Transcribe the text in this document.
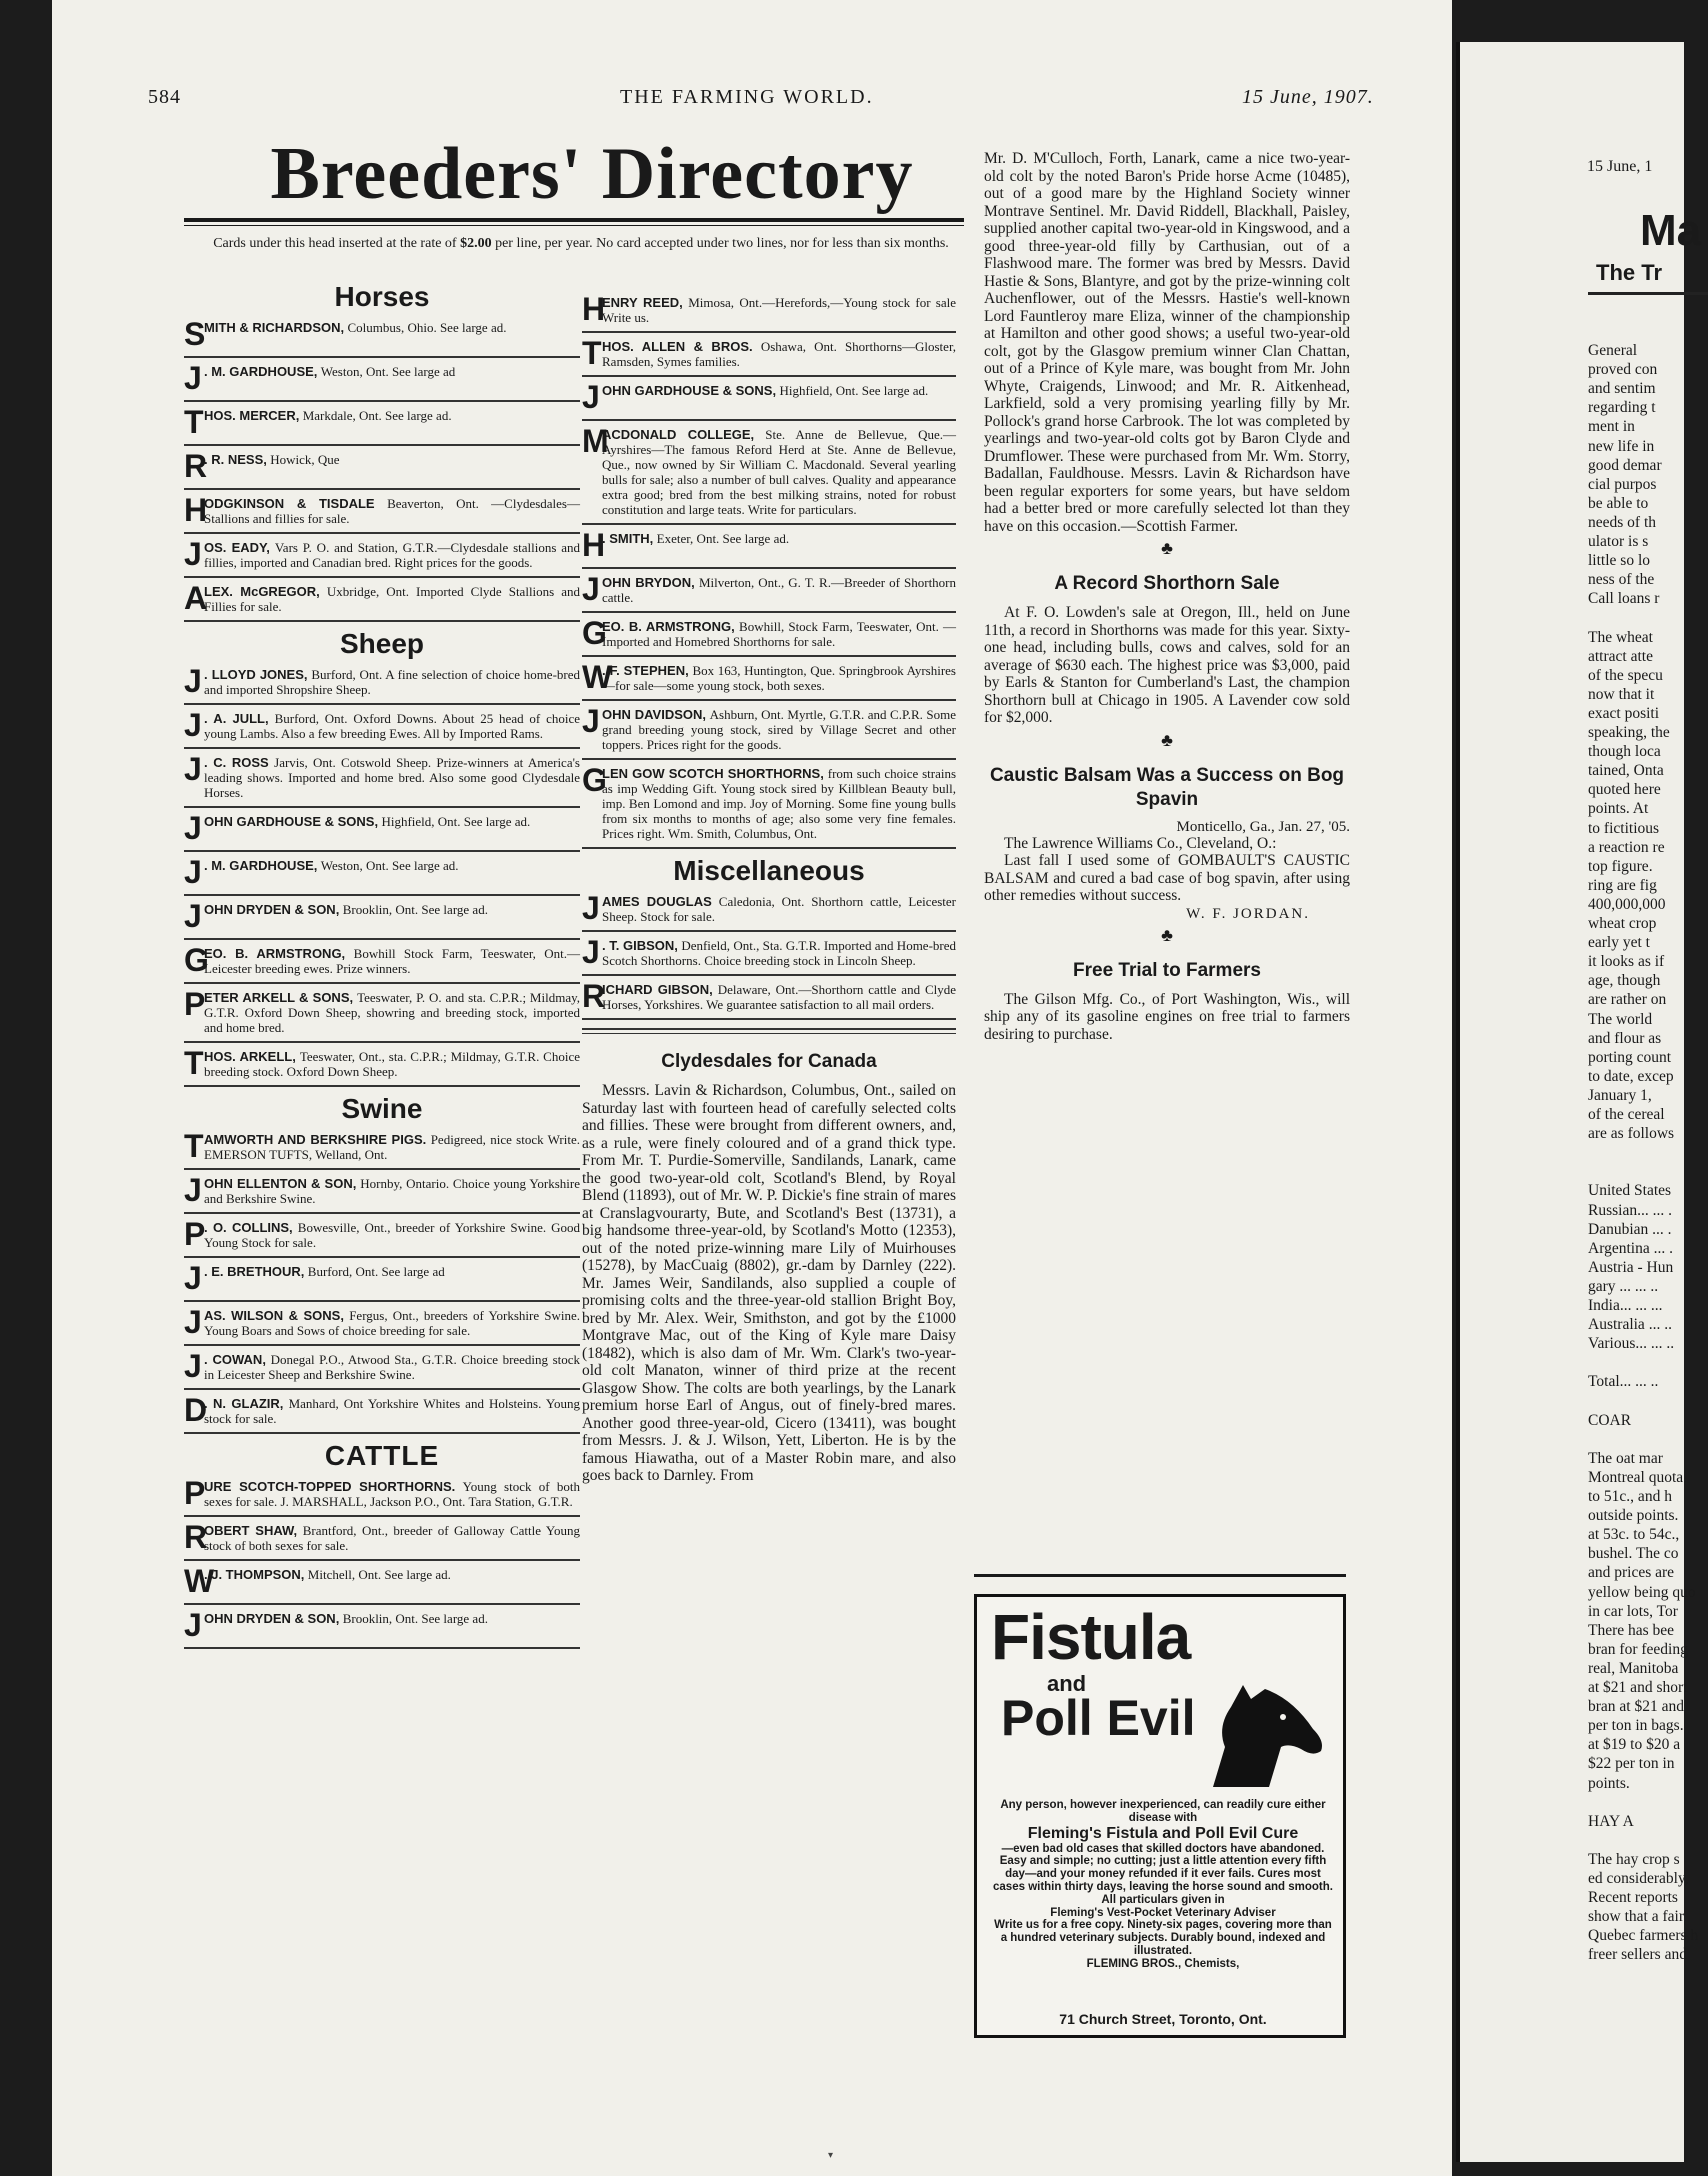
584	THE FARMING WORLD.	15 June, 1907.
Breeders' Directory

Cards under this head inserted at the rate of $2.00 per line, per year. No card accepted under two lines, nor for less than six months.

Horses
S
MITH & RICHARDSON, Columbus, Ohio. See large ad.
J . M. GARDHOUSE, Weston, Ont. See large ad
T HOS. MERCER, Markdale, Ont. See large ad.
R
. R. NESS, Howick, Que
H
ODGKINSON & TISDALE Beaverton, Ont. —Clydesdales—Stallions and fillies for sale.
J OS. EADY, Vars P. O. and Station, G.T.R.—Clydesdale stallions and fillies, imported and Canadian bred. Right prices for the goods.
A
LEX. McGREGOR, Uxbridge, Ont. Imported Clyde Stallions and Fillies for sale.
Sheep
J . LLOYD JONES, Burford, Ont. A fine selection of choice home-bred and imported Shropshire Sheep.
J . A. JULL, Burford, Ont. Oxford Downs. About 25 head of choice young Lambs. Also a few breeding Ewes. All by Imported Rams.
J . C. ROSS Jarvis, Ont. Cotswold Sheep. Prize-winners at America's leading shows. Imported and home bred. Also some good Clydesdale Horses.
J OHN GARDHOUSE & SONS, Highfield, Ont. See large ad.
J . M. GARDHOUSE, Weston, Ont. See large ad.
J OHN DRYDEN & SON, Brooklin, Ont. See large ad.
G
EO. B. ARMSTRONG, Bowhill Stock Farm, Teeswater, Ont.—Leicester breeding ewes. Prize winners.
P
ETER ARKELL & SONS, Teeswater, P. O. and sta. C.P.R.; Mildmay, G.T.R. Oxford Down Sheep, showring and breeding stock, imported and home bred.
T HOS. ARKELL, Teeswater, Ont., sta. C.P.R.; Mildmay, G.T.R. Choice breeding stock. Oxford Down Sheep.
Swine
T AMWORTH AND BERKSHIRE PIGS. Pedigreed, nice stock Write. EMERSON TUFTS, Welland, Ont.
J OHN ELLENTON & SON, Hornby, Ontario. Choice young Yorkshire and Berkshire Swine.
P
. O. COLLINS, Bowesville, Ont., breeder of Yorkshire Swine. Good Young Stock for sale.
J . E. BRETHOUR, Burford, Ont. See large ad
J AS. WILSON & SONS, Fergus, Ont., breeders of Yorkshire Swine. Young Boars and Sows of choice breeding for sale.
J . COWAN, Donegal P.O., Atwood Sta., G.T.R. Choice breeding stock in Leicester Sheep and Berkshire Swine.
D
. N. GLAZIR, Manhard, Ont Yorkshire Whites and Holsteins. Young stock for sale.
CATTLE
P
URE SCOTCH-TOPPED SHORTHORNS. Young stock of both sexes for sale. J. MARSHALL, Jackson P.O., Ont. Tara Station, G.T.R.
R
OBERT SHAW, Brantford, Ont., breeder of Galloway Cattle Young stock of both sexes for sale.
W
. J. THOMPSON, Mitchell, Ont. See large ad.
J OHN DRYDEN & SON, Brooklin, Ont. See large ad.
H
ENRY REED, Mimosa, Ont.—Herefords,—Young stock for sale Write us.
T HOS. ALLEN & BROS. Oshawa, Ont. Shorthorns—Gloster, Ramsden, Symes families.
J OHN GARDHOUSE & SONS, Highfield, Ont. See large ad.
M
ACDONALD COLLEGE, Ste. Anne de Bellevue, Que.—Ayrshires—The famous Reford Herd at Ste. Anne de Bellevue, Que., now owned by Sir William C. Macdonald. Several yearling bulls for sale; also a number of bull calves. Quality and appearance extra good; bred from the best milking strains, noted for robust constitution and large teats. Write for particulars.
H
. SMITH, Exeter, Ont. See large ad.
J OHN BRYDON, Milverton, Ont., G. T. R.—Breeder of Shorthorn cattle.
G
EO. B. ARMSTRONG, Bowhill, Stock Farm, Teeswater, Ont. — Imported and Homebred Shorthorns for sale.
W
. F. STEPHEN, Box 163, Huntington, Que. Springbrook Ayrshires—for sale—some young stock, both sexes.
J OHN DAVIDSON, Ashburn, Ont. Myrtle, G.T.R. and C.P.R. Some grand breeding young stock, sired by Village Secret and other toppers. Prices right for the goods.
G
LEN GOW SCOTCH SHORTHORNS, from such choice strains as imp Wedding Gift. Young stock sired by Killblean Beauty bull, imp. Ben Lomond and imp. Joy of Morning. Some fine young bulls from six months to months of age; also some very fine females. Prices right. Wm. Smith, Columbus, Ont.
Miscellaneous
J AMES DOUGLAS Caledonia, Ont. Shorthorn cattle, Leicester Sheep. Stock for sale.
J . T. GIBSON, Denfield, Ont., Sta. G.T.R. Imported and Home-bred Scotch Shorthorns. Choice breeding stock in Lincoln Sheep.
R
ICHARD GIBSON, Delaware, Ont.—Shorthorn cattle and Clyde Horses, Yorkshires. We guarantee satisfaction to all mail orders.
Clydesdales for Canada

Messrs. Lavin & Richardson, Columbus, Ont., sailed on Saturday last with fourteen head of carefully selected colts and fillies. These were brought from different owners, and, as a rule, were finely coloured and of a grand thick type. From Mr. T. Purdie-Somerville, Sandilands, Lanark, came the good two-year-old colt, Scotland's Blend, by Royal Blend (11893), out of Mr. W. P. Dickie's fine strain of mares at Cranslagvourarty, Bute, and Scotland's Best (13731), a big handsome three-year-old, by Scotland's Motto (12353), out of the noted prize-winning mare Lily of Muirhouses (15278), by MacCuaig (8802), gr.-dam by Darnley (222). Mr. James Weir, Sandilands, also supplied a couple of promising colts and the three-year-old stallion Bright Boy, bred by Mr. Alex. Weir, Smithston, and got by the £1000 Montgrave Mac, out of the King of Kyle mare Daisy (18482), which is also dam of Mr. Wm. Clark's two-year-old colt Manaton, winner of third prize at the recent Glasgow Show. The colts are both yearlings, by the Lanark premium horse Earl of Angus, out of finely-bred mares. Another good three-year-old, Cicero (13411), was bought from Messrs. J. & J. Wilson, Yett, Liberton. He is by the famous Hiawatha, out of a Master Robin mare, and also goes back to Darnley. From

Mr. D. M'Culloch, Forth, Lanark, came a nice two-year-old colt by the noted Baron's Pride horse Acme (10485), out of a good mare by the Highland Society winner Montrave Sentinel. Mr. David Riddell, Blackhall, Paisley, supplied another capital two-year-old in Kingswood, and a good three-year-old filly by Carthusian, out of a Flashwood mare. The former was bred by Messrs. David Hastie & Sons, Blantyre, and got by the prize-winning colt Auchenflower, out of the Messrs. Hastie's well-known Lord Fauntleroy mare Eliza, winner of the championship at Hamilton and other good shows; a useful two-year-old colt, got by the Glasgow premium winner Clan Chattan, out of a Prince of Kyle mare, was bought from Mr. John Whyte, Craigends, Linwood; and Mr. R. Aitkenhead, Larkfield, sold a very promising yearling filly by Mr. Pollock's grand horse Carbrook. The lot was completed by yearlings and two-year-old colts got by Baron Clyde and Drumflower. These were purchased from Mr. Wm. Storry, Badallan, Fauldhouse. Messrs. Lavin & Richardson have been regular exporters for some years, but have seldom had a better bred or more carefully selected lot than they have on this occasion.—Scottish Farmer.

♣
A Record Shorthorn Sale

At F. O. Lowden's sale at Oregon, Ill., held on June 11th, a record in Shorthorns was made for this year. Sixty-one head, including bulls, cows and calves, sold for an average of $630 each. The highest price was $3,000, paid by Earls & Stanton for Cumberland's Last, the champion Shorthorn bull at Chicago in 1905. A Lavender cow sold for $2,000.

♣
Caustic Balsam Was a Success on Bog Spavin

Monticello, Ga., Jan. 27, '05.

The Lawrence Williams Co., Cleveland, O.:

Last fall I used some of GOMBAULT'S CAUSTIC BALSAM and cured a bad case of bog spavin, after using other remedies without success.

W. F. JORDAN.

♣
Free Trial to Farmers

The Gilson Mfg. Co., of Port Washington, Wis., will ship any of its gasoline engines on free trial to farmers desiring to purchase.

Fistula
and
Poll Evil
Any person, however inexperienced, can readily cure either disease with
Fleming's Fistula and Poll Evil Cure
—even bad old cases that skilled doctors have abandoned. Easy and simple; no cutting; just a little attention every fifth day—and your money refunded if it ever fails. Cures most cases within thirty days, leaving the horse sound and smooth. All particulars given in
Fleming's Vest-Pocket Veterinary Adviser
Write us for a free copy. Ninety-six pages, covering more than a hundred veterinary subjects. Durably bound, indexed and illustrated.
FLEMING BROS., Chemists,
71 Church Street, Toronto, Ont.
15 June, 1
Ma
The Tr
General
proved con
and sentim
regarding t
ment in
new life in
good demar
cial purpos
be able to
needs of th
ulator is s
little so lo
ness of the
Call loans r
The wheat
attract atte
of the specu
now that it
exact positi
speaking, the
though loca
tained, Onta
quoted here
points. At
to fictitious
a reaction re
top figure.
ring are fig
400,000,000
wheat crop
early yet t
it looks as if
age, though
are rather on
The world
and flour as
porting count
to date, excep
January 1,
of the cereal
are as follows
United States
Russian... ... .
Danubian ... .
Argentina ... .
Austria - Hun
gary ... ... ..
India... ... ...
Australia ... ..
Various... ... ..
Total... ... ..
COAR
The oat mar
Montreal quota
to 51c., and h
outside points.
at 53c. to 54c.,
bushel. The co
and prices are
yellow being quo
in car lots, Tor
There has bee
bran for feeding
real, Manitoba
at $21 and short
bran at $21 and
per ton in bags.
at $19 to $20 a
$22 per ton in
points.
HAY A
The hay crop s
ed considerably,
Recent reports
show that a fair
Quebec farmers h
freer sellers and
▾
